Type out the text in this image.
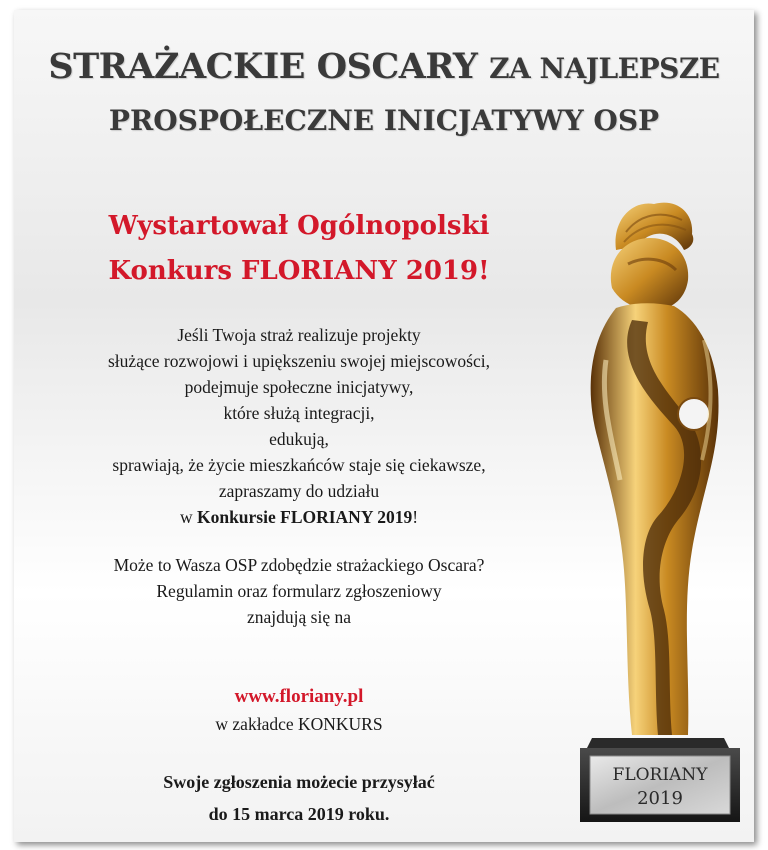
STRAŻACKIE OSCARY ZA NAJLEPSZE
PROSPOŁECZNE INICJATYWY OSP
Wystartował Ogólnopolski
Konkurs FLORIANY 2019!
Jeśli Twoja straż realizuje projekty
służące rozwojowi i upiększeniu swojej miejscowości,
podejmuje społeczne inicjatywy,
które służą integracji,
edukują,
sprawiają, że życie mieszkańców staje się ciekawsze,
zapraszamy do udziału
w Konkursie FLORIANY 2019!
Może to Wasza OSP zdobędzie strażackiego Oscara?
Regulamin oraz formularz zgłoszeniowy
znajdują się na
www.floriany.pl
w zakładce KONKURS
Swoje zgłoszenia możecie przysyłać
do 15 marca 2019 roku.
FLORIANY
2019
